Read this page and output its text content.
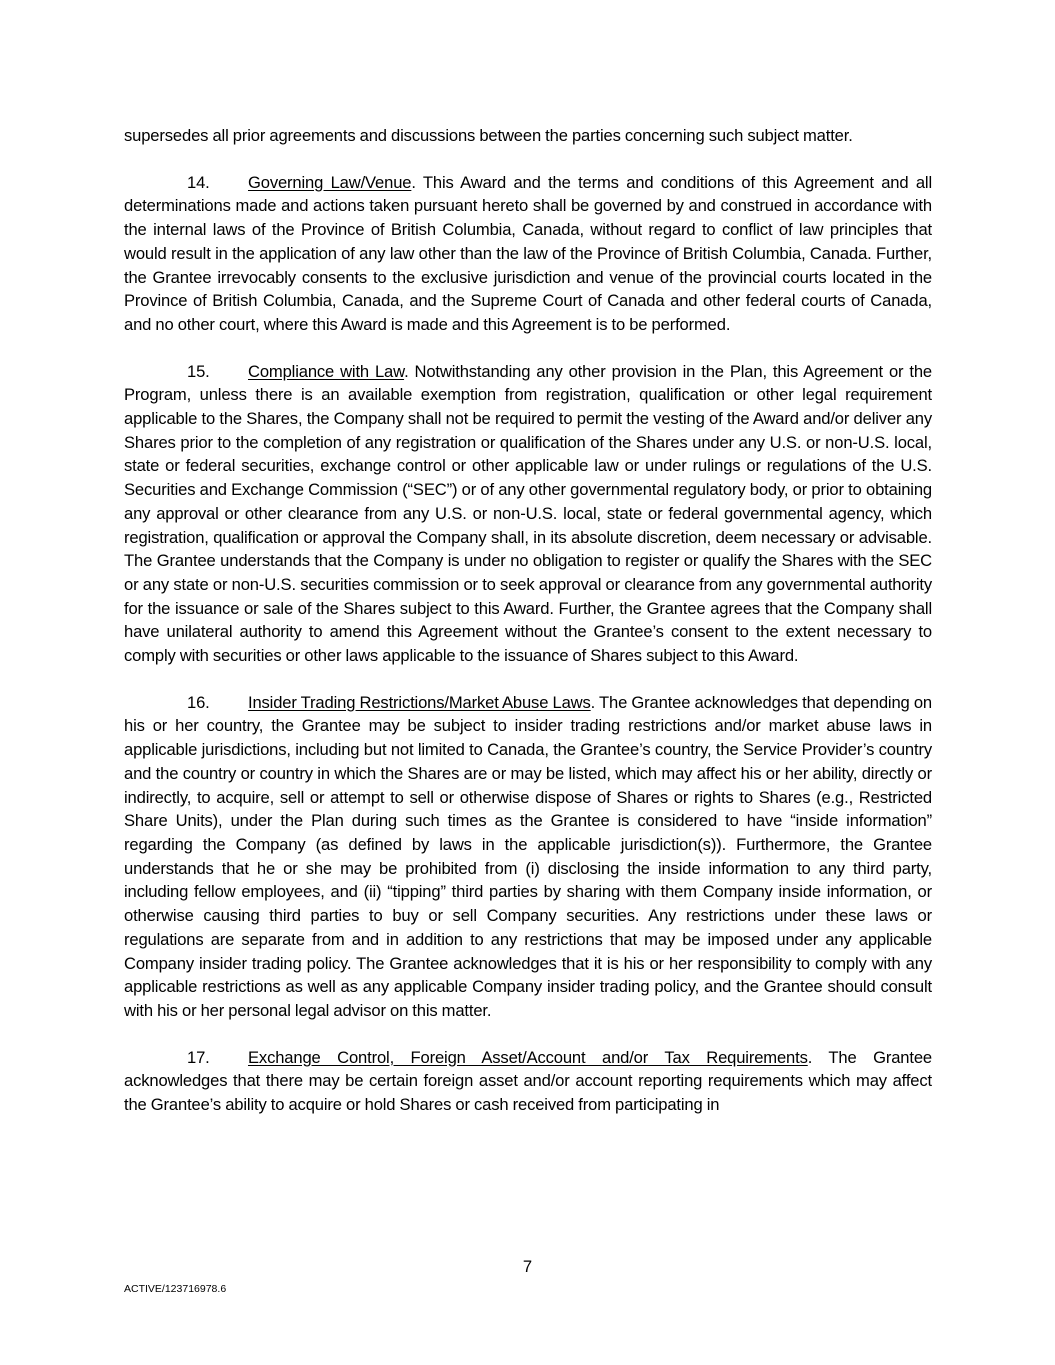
supersedes all prior agreements and discussions between the parties concerning such subject matter.

14. Governing Law/Venue. This Award and the terms and conditions of this Agreement and all determinations made and actions taken pursuant hereto shall be governed by and construed in accordance with the internal laws of the Province of British Columbia, Canada, without regard to conflict of law principles that would result in the application of any law other than the law of the Province of British Columbia, Canada. Further, the Grantee irrevocably consents to the exclusive jurisdiction and venue of the provincial courts located in the Province of British Columbia, Canada, and the Supreme Court of Canada and other federal courts of Canada, and no other court, where this Award is made and this Agreement is to be performed.

15. Compliance with Law. Notwithstanding any other provision in the Plan, this Agreement or the Program, unless there is an available exemption from registration, qualification or other legal requirement applicable to the Shares, the Company shall not be required to permit the vesting of the Award and/or deliver any Shares prior to the completion of any registration or qualification of the Shares under any U.S. or non-U.S. local, state or federal securities, exchange control or other applicable law or under rulings or regulations of the U.S. Securities and Exchange Commission (“SEC”) or of any other governmental regulatory body, or prior to obtaining any approval or other clearance from any U.S. or non-U.S. local, state or federal governmental agency, which registration, qualification or approval the Company shall, in its absolute discretion, deem necessary or advisable. The Grantee understands that the Company is under no obligation to register or qualify the Shares with the SEC or any state or non-U.S. securities commission or to seek approval or clearance from any governmental authority for the issuance or sale of the Shares subject to this Award. Further, the Grantee agrees that the Company shall have unilateral authority to amend this Agreement without the Grantee’s consent to the extent necessary to comply with securities or other laws applicable to the issuance of Shares subject to this Award.

16. Insider Trading Restrictions/Market Abuse Laws. The Grantee acknowledges that depending on his or her country, the Grantee may be subject to insider trading restrictions and/or market abuse laws in applicable jurisdictions, including but not limited to Canada, the Grantee’s country, the Service Provider’s country and the country or country in which the Shares are or may be listed, which may affect his or her ability, directly or indirectly, to acquire, sell or attempt to sell or otherwise dispose of Shares or rights to Shares (e.g., Restricted Share Units), under the Plan during such times as the Grantee is considered to have “inside information” regarding the Company (as defined by laws in the applicable jurisdiction(s)). Furthermore, the Grantee understands that he or she may be prohibited from (i) disclosing the inside information to any third party, including fellow employees, and (ii) “tipping” third parties by sharing with them Company inside information, or otherwise causing third parties to buy or sell Company securities. Any restrictions under these laws or regulations are separate from and in addition to any restrictions that may be imposed under any applicable Company insider trading policy. The Grantee acknowledges that it is his or her responsibility to comply with any applicable restrictions as well as any applicable Company insider trading policy, and the Grantee should consult with his or her personal legal advisor on this matter.

17. Exchange Control, Foreign Asset/Account and/or Tax Requirements. The Grantee acknowledges that there may be certain foreign asset and/or account reporting requirements which may affect the Grantee’s ability to acquire or hold Shares or cash received from participating in

7
ACTIVE/123716978.6
